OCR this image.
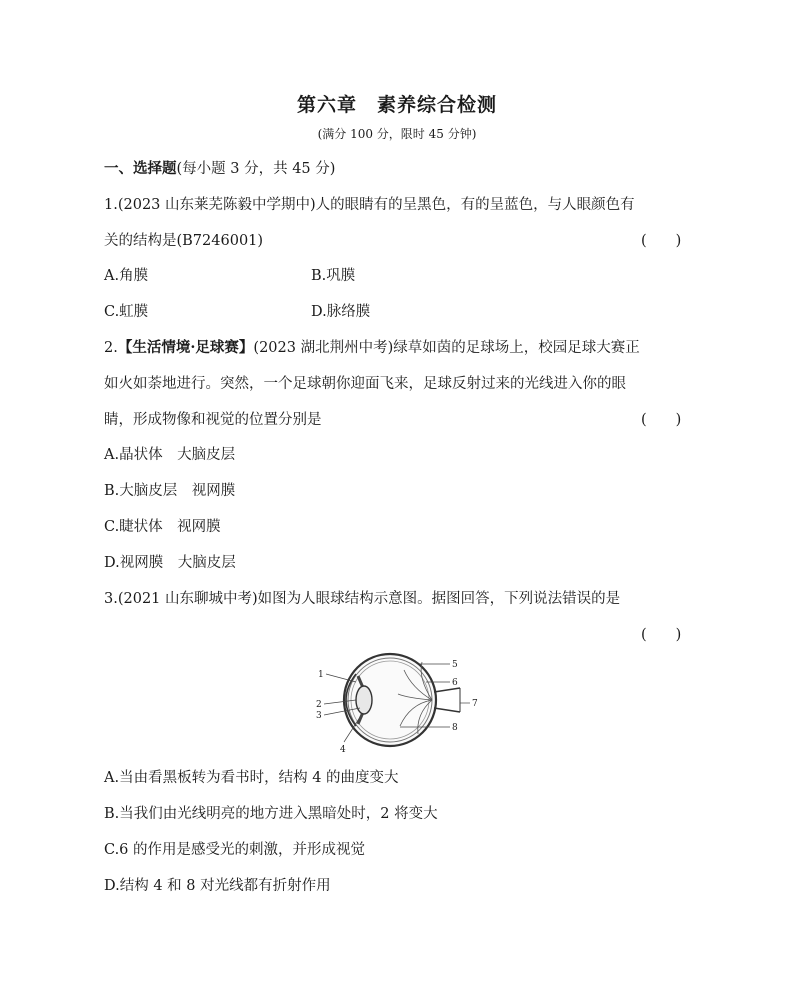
第六章　素养综合检测
(满分 100 分，限时 45 分钟)
一、选择题(每小题 3 分，共 45 分)
1.(2023 山东莱芜陈毅中学期中)人的眼睛有的呈黑色，有的呈蓝色，与人眼颜色有
关的结构是(B7246001)	(　　)
A.角膜	B.巩膜
C.虹膜	D.脉络膜
2.【生活情境·足球赛】(2023 湖北荆州中考)绿草如茵的足球场上，校园足球大赛正
如火如荼地进行。突然，一个足球朝你迎面飞来，足球反射过来的光线进入你的眼
睛，形成物像和视觉的位置分别是	(　　)
A.晶状体　大脑皮层
B.大脑皮层　视网膜
C.睫状体　视网膜
D.视网膜　大脑皮层
3.(2021 山东聊城中考)如图为人眼球结构示意图。据图回答，下列说法错误的是
(　　)
1
2
3
4
5
6
7
8
A.当由看黑板转为看书时，结构 4 的曲度变大
B.当我们由光线明亮的地方进入黑暗处时，2 将变大
C.6 的作用是感受光的刺激，并形成视觉
D.结构 4 和 8 对光线都有折射作用
